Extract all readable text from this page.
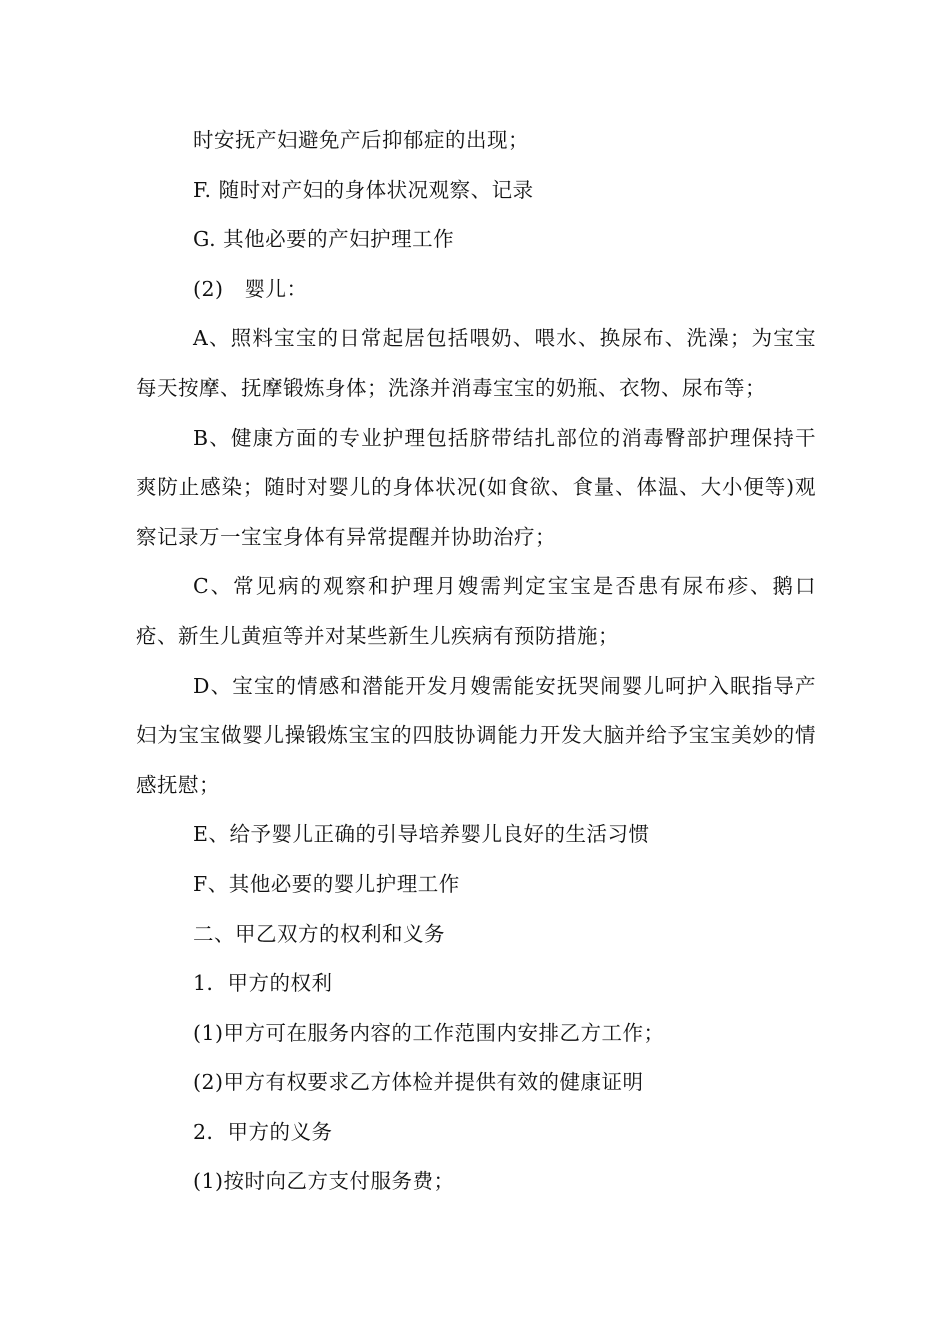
时安抚产妇避免产后抑郁症的出现；

F. 随时对产妇的身体状况观察、记录

G. 其他必要的产妇护理工作

(2)　婴儿：

A、照料宝宝的日常起居包括喂奶、喂水、换尿布、洗澡；为宝宝每天按摩、抚摩锻炼身体；洗涤并消毒宝宝的奶瓶、衣物、尿布等；

B、健康方面的专业护理包括脐带结扎部位的消毒臀部护理保持干爽防止感染；随时对婴儿的身体状况(如食欲、食量、体温、大小便等)观察记录万一宝宝身体有异常提醒并协助治疗；

C、常见病的观察和护理月嫂需判定宝宝是否患有尿布疹、鹅口疮、新生儿黄疸等并对某些新生儿疾病有预防措施；

D、宝宝的情感和潜能开发月嫂需能安抚哭闹婴儿呵护入眠指导产妇为宝宝做婴儿操锻炼宝宝的四肢协调能力开发大脑并给予宝宝美妙的情感抚慰；

E、给予婴儿正确的引导培养婴儿良好的生活习惯

F、其他必要的婴儿护理工作

二、甲乙双方的权利和义务

1．甲方的权利

(1)甲方可在服务内容的工作范围内安排乙方工作；

(2)甲方有权要求乙方体检并提供有效的健康证明

2．甲方的义务

(1)按时向乙方支付服务费；
